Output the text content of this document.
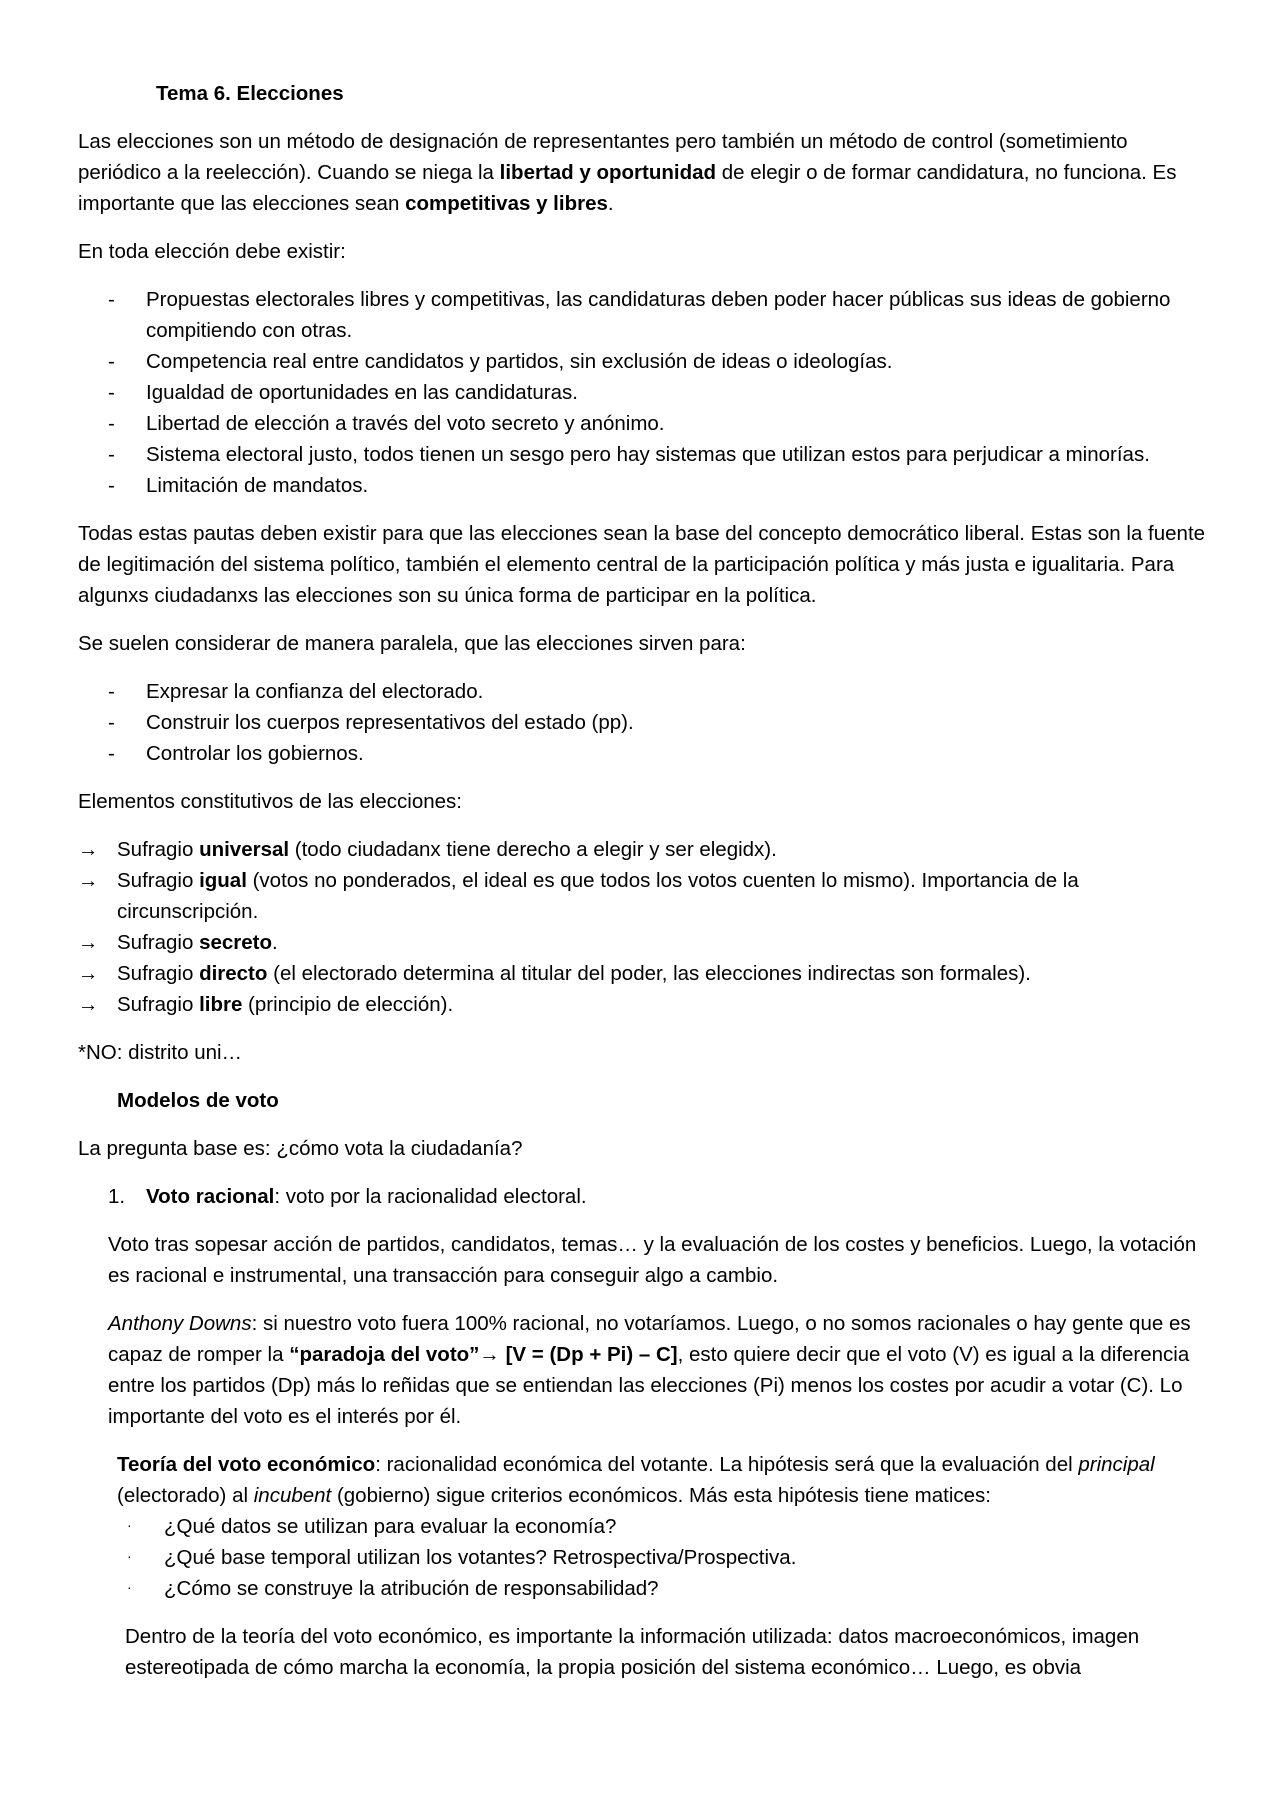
Tema 6. Elecciones

Las elecciones son un método de designación de representantes pero también un método de control (sometimiento periódico a la reelección). Cuando se niega la libertad y oportunidad de elegir o de formar candidatura, no funciona. Es importante que las elecciones sean competitivas y libres.

En toda elección debe existir:

- Propuestas electorales libres y competitivas, las candidaturas deben poder hacer públicas sus ideas de gobierno compitiendo con otras.
- Competencia real entre candidatos y partidos, sin exclusión de ideas o ideologías.
- Igualdad de oportunidades en las candidaturas.
- Libertad de elección a través del voto secreto y anónimo.
- Sistema electoral justo, todos tienen un sesgo pero hay sistemas que utilizan estos para perjudicar a minorías.
- Limitación de mandatos.

Todas estas pautas deben existir para que las elecciones sean la base del concepto democrático liberal. Estas son la fuente de legitimación del sistema político, también el elemento central de la participación política y más justa e igualitaria. Para algunxs ciudadanxs las elecciones son su única forma de participar en la política.

Se suelen considerar de manera paralela, que las elecciones sirven para:

- Expresar la confianza del electorado.
- Construir los cuerpos representativos del estado (pp).
- Controlar los gobiernos.

Elementos constitutivos de las elecciones:

→ Sufragio universal (todo ciudadanx tiene derecho a elegir y ser elegidx).
→ Sufragio igual (votos no ponderados, el ideal es que todos los votos cuenten lo mismo). Importancia de la circunscripción.
→ Sufragio secreto.
→ Sufragio directo (el electorado determina al titular del poder, las elecciones indirectas son formales).
→ Sufragio libre (principio de elección).

*NO: distrito uni…

Modelos de voto

La pregunta base es: ¿cómo vota la ciudadanía?

1. Voto racional: voto por la racionalidad electoral.

Voto tras sopesar acción de partidos, candidatos, temas… y la evaluación de los costes y beneficios. Luego, la votación es racional e instrumental, una transacción para conseguir algo a cambio.

Anthony Downs: si nuestro voto fuera 100% racional, no votaríamos. Luego, o no somos racionales o hay gente que es capaz de romper la “paradoja del voto”→ [V = (Dp + Pi) – C], esto quiere decir que el voto (V) es igual a la diferencia entre los partidos (Dp) más lo reñidas que se entiendan las elecciones (Pi) menos los costes por acudir a votar (C). Lo importante del voto es el interés por él.

Teoría del voto económico: racionalidad económica del votante. La hipótesis será que la evaluación del principal (electorado) al incubent (gobierno) sigue criterios económicos. Más esta hipótesis tiene matices:

· ¿Qué datos se utilizan para evaluar la economía?
· ¿Qué base temporal utilizan los votantes? Retrospectiva/Prospectiva.
· ¿Cómo se construye la atribución de responsabilidad?

Dentro de la teoría del voto económico, es importante la información utilizada: datos macroeconómicos, imagen estereotipada de cómo marcha la economía, la propia posición del sistema económico… Luego, es obvia
